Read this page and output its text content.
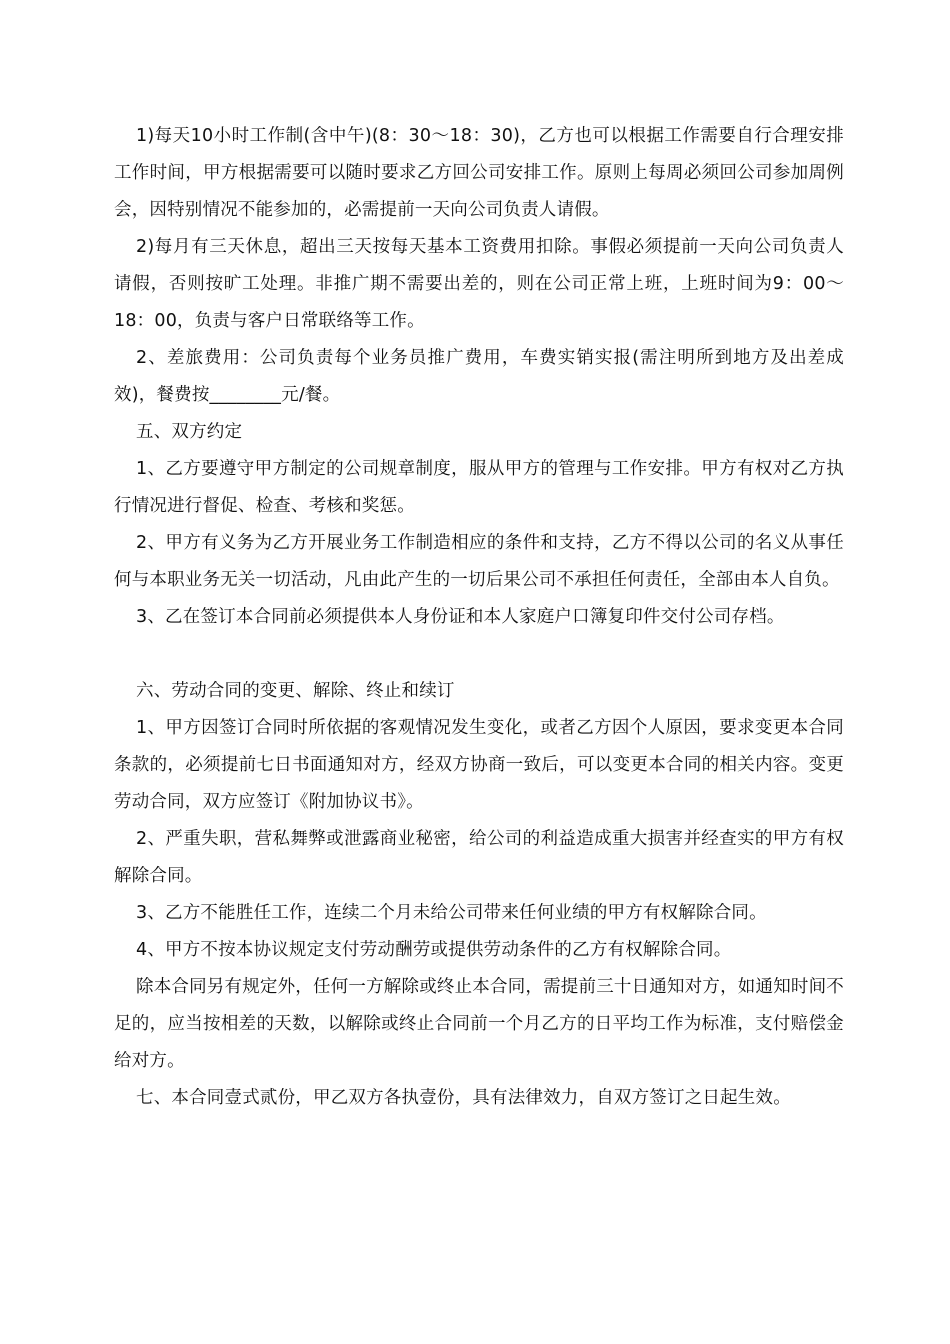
1)每天10小时工作制(含中午)(8：30～18：30)，乙方也可以根据工作需要自行合理安排工作时间，甲方根据需要可以随时要求乙方回公司安排工作。原则上每周必须回公司参加周例会，因特别情况不能参加的，必需提前一天向公司负责人请假。

2)每月有三天休息，超出三天按每天基本工资费用扣除。事假必须提前一天向公司负责人请假，否则按旷工处理。非推广期不需要出差的，则在公司正常上班，上班时间为9：00～18：00，负责与客户日常联络等工作。

2、差旅费用：公司负责每个业务员推广费用，车费实销实报(需注明所到地方及出差成效)，餐费按________元/餐。

五、双方约定

1、乙方要遵守甲方制定的公司规章制度，服从甲方的管理与工作安排。甲方有权对乙方执行情况进行督促、检查、考核和奖惩。

2、甲方有义务为乙方开展业务工作制造相应的条件和支持，乙方不得以公司的名义从事任何与本职业务无关一切活动，凡由此产生的一切后果公司不承担任何责任，全部由本人自负。

3、乙在签订本合同前必须提供本人身份证和本人家庭户口簿复印件交付公司存档。

六、劳动合同的变更、解除、终止和续订

1、甲方因签订合同时所依据的客观情况发生变化，或者乙方因个人原因，要求变更本合同条款的，必须提前七日书面通知对方，经双方协商一致后，可以变更本合同的相关内容。变更劳动合同，双方应签订《附加协议书》。

2、严重失职，营私舞弊或泄露商业秘密，给公司的利益造成重大损害并经查实的甲方有权解除合同。

3、乙方不能胜任工作，连续二个月未给公司带来任何业绩的甲方有权解除合同。

4、甲方不按本协议规定支付劳动酬劳或提供劳动条件的乙方有权解除合同。

除本合同另有规定外，任何一方解除或终止本合同，需提前三十日通知对方，如通知时间不足的，应当按相差的天数，以解除或终止合同前一个月乙方的日平均工作为标准，支付赔偿金给对方。

七、本合同壹式贰份，甲乙双方各执壹份，具有法律效力，自双方签订之日起生效。
